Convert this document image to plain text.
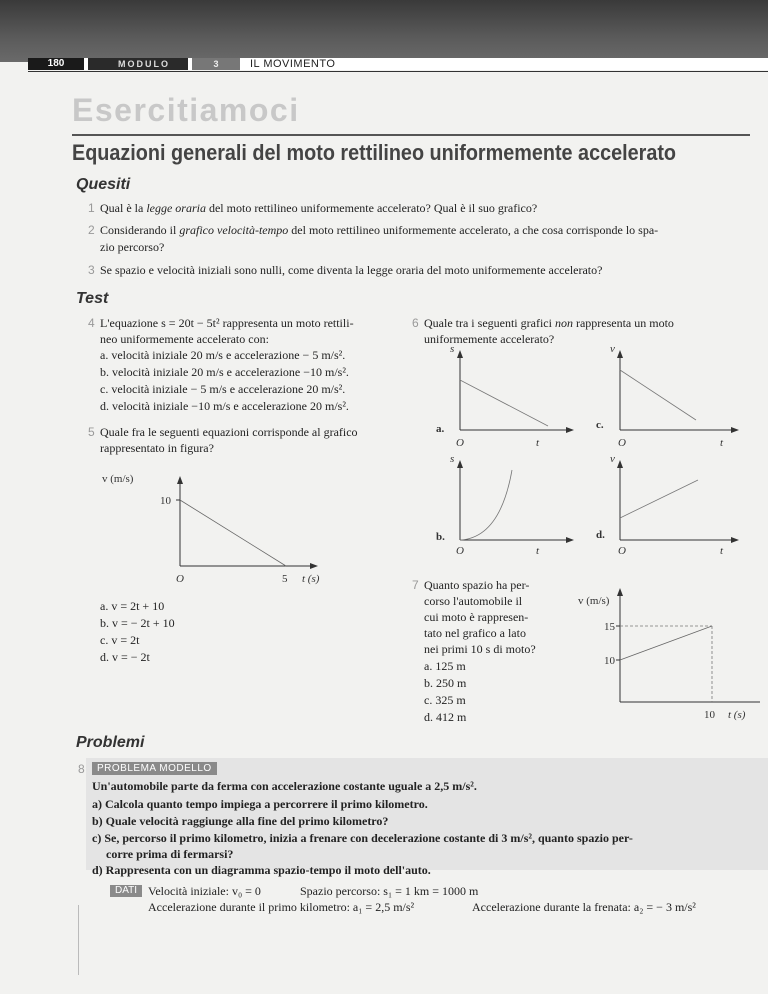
180	MODULO	3	IL MOVIMENTO
Esercitiamoci
Equazioni generali del moto rettilineo uniformemente accelerato
Quesiti
1 Qual è la legge oraria del moto rettilineo uniformemente accelerato? Qual è il suo grafico?
2 Considerando il grafico velocità-tempo del moto rettilineo uniformemente accelerato, a che cosa corrisponde lo spa-
zio percorso?
3 Se spazio e velocità iniziali sono nulli, come diventa la legge oraria del moto uniformemente accelerato?
Test
4 L'equazione s = 20t − 5t² rappresenta un moto rettili-
neo uniformemente accelerato con:
a. velocità iniziale 20 m/s e accelerazione − 5 m/s².
b. velocità iniziale 20 m/s e accelerazione −10 m/s².
c. velocità iniziale − 5 m/s e accelerazione 20 m/s².
d. velocità iniziale −10 m/s e accelerazione 20 m/s².
5 Quale fra le seguenti equazioni corrisponde al grafico
rappresentato in figura?
v (m/s)
10
O	5 t (s)
a. v = 2t + 10
b. v = − 2t + 10
c. v = 2t
d. v = − 2t
6 Quale tra i seguenti grafici non rappresenta un moto
uniformemente accelerato?
s
a.
O	t
v
c.
O	t
s
b.
O	t
v
d.
O	t
7 Quanto spazio ha per-
corso l'automobile il
cui moto è rappresen-
tato nel grafico a lato
nei primi 10 s di moto?
a. 125 m
b. 250 m
c. 325 m
d. 412 m
v (m/s)
15
10
10 t (s)
Problemi
8	PROBLEMA MODELLO
Un'automobile parte da ferma con accelerazione costante uguale a 2,5 m/s².
a) Calcola quanto tempo impiega a percorrere il primo kilometro.
b) Quale velocità raggiunge alla fine del primo kilometro?
c) Se, percorso il primo kilometro, inizia a frenare con decelerazione costante di 3 m/s², quanto spazio per-
corre prima di fermarsi?
d) Rappresenta con un diagramma spazio-tempo il moto dell'auto.
DATI Velocità iniziale: v₀ = 0	Spazio percorso: s₁ = 1 km = 1000 m
Accelerazione durante il primo kilometro: a₁ = 2,5 m/s²	Accelerazione durante la frenata: a₂ = − 3 m/s²
